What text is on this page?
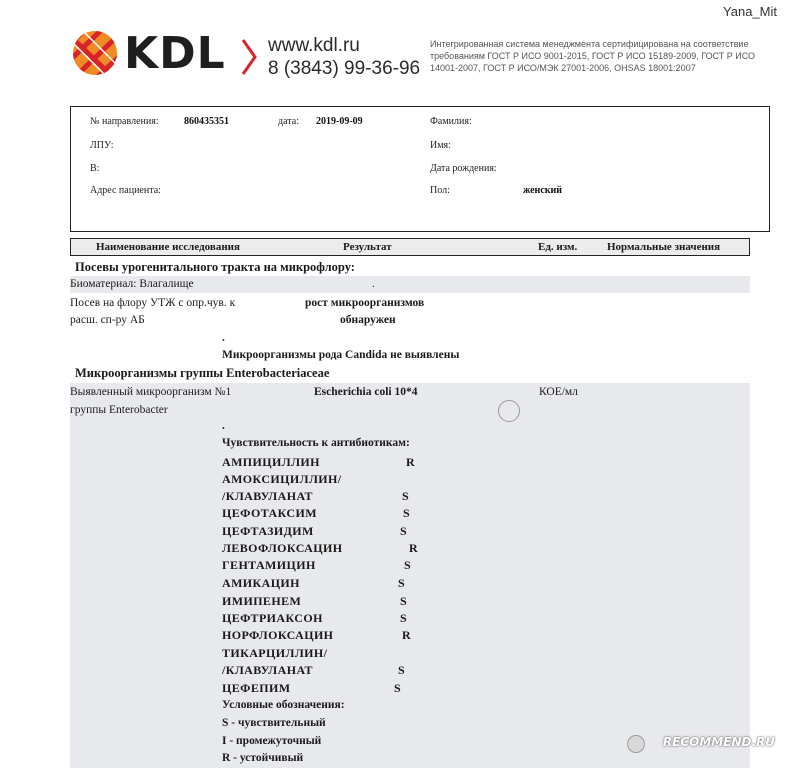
Yana_Mit
KDL www.kdl.ru
8 (3843) 99-36-96
Интегрированная система менеджмента сертифицирована на соответствие требованиям ГОСТ Р ИСО 9001-2015, ГОСТ Р ИСО 15189-2009, ГОСТ Р ИСО 14001-2007, ГОСТ Р ИСО/МЭК 27001-2006, OHSAS 18001:2007
№ направления:	860435351	дата: 2019-09-09	Фамилия:
ЛПУ:	Имя:
В:	Дата рождения:
Адрес пациента:	Пол:	женский
Наименование исследования	Результат	Ед. изм.	Нормальные значения
Посевы урогенитального тракта на микрофлору:
Биоматериал: Влагалище	.
Посев на флору УТЖ с опр.чув. к
расш. сп-ру АБ
рост микроорганизмов
обнаружен
.
Микроорганизмы рода Candida не выявлены
Микроорганизмы группы Enterobacteriaceae
Выявленный микроорганизм №1
группы Enterobacter
Escherichia coli 10*4	КОЕ/мл
.
Чувствительность к антибиотикам:
АМПИЦИЛЛИН	R
АМОКСИЦИЛЛИН/
/КЛАВУЛАНАТ	S
ЦЕФОТАКСИМ	S
ЦЕФТАЗИДИМ	S
ЛЕВОФЛОКСАЦИН	R
ГЕНТАМИЦИН	S
АМИКАЦИН	S
ИМИПЕНЕМ	S
ЦЕФТРИАКСОН	S
НОРФЛОКСАЦИН	R
ТИКАРЦИЛЛИН/
/КЛАВУЛАНАТ	S
ЦЕФЕПИМ	S
Условные обозначения:
S - чувствительный
I - промежуточный
R - устойчивый
RECOMMEND.RU
